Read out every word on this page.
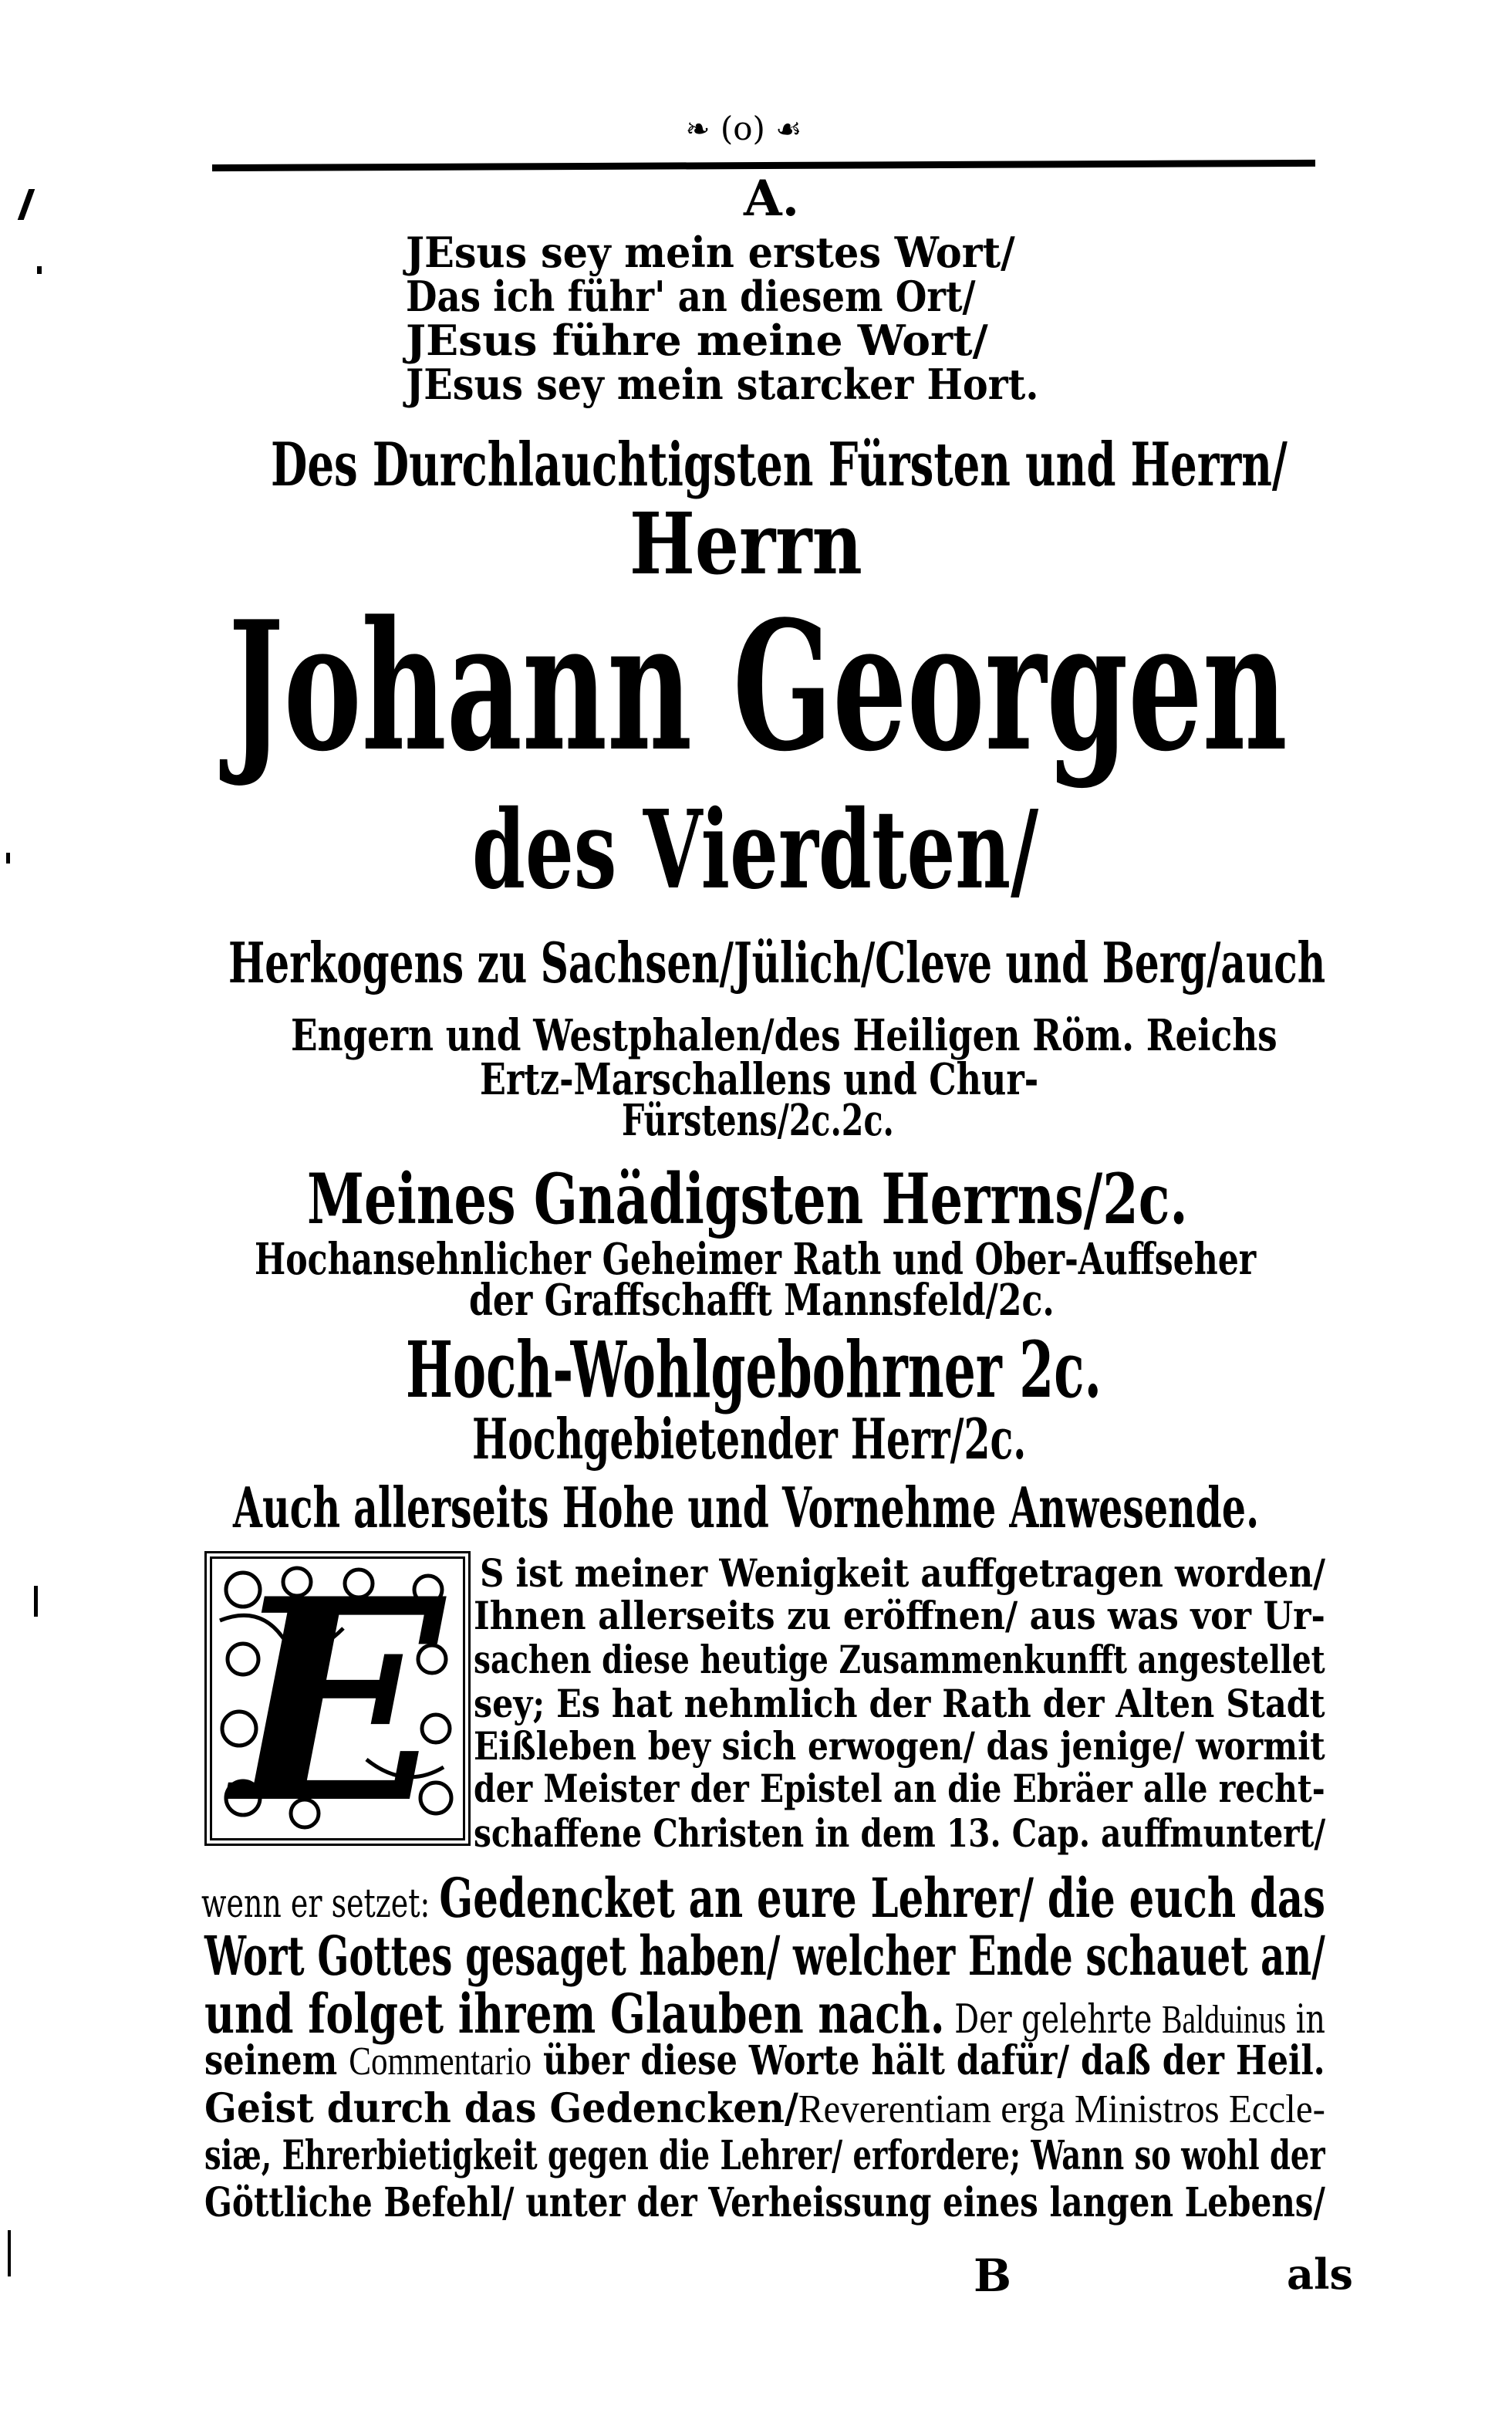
❧ (o) ☙
A.
JEsus sey mein erstes Wort/
Das ich führ' an diesem Ort/
JEsus führe meine Wort/
JEsus sey mein starcker Hort.
Des Durchlauchtigsten Fürsten und Herrn/
Herrn
Johann Georgen
des Vierdten/
Herkogens zu Sachsen/Jülich/Cleve und Berg/auch
Engern und Westphalen/des Heiligen Röm. Reichs
Ertz-Marschallens und Chur-
Fürstens/2c.2c.
Meines Gnädigsten Herrns/2c.
Hochansehnlicher Geheimer Rath und Ober-Auffseher
der Graffschafft Mannsfeld/2c.
Hoch-Wohlgebohrner 2c.
Hochgebietender Herr/2c.
Auch allerseits Hohe und Vornehme Anwesende.
E S ist meiner Wenigkeit auffgetragen worden/
Ihnen allerseits zu eröffnen/ aus was vor Ur-
sachen diese heutige Zusammenkunfft angestellet
sey; Es hat nehmlich der Rath der Alten Stadt
Eißleben bey sich erwogen/ das jenige/ wormit
der Meister der Epistel an die Ebräer alle recht-
schaffene Christen in dem 13. Cap. auffmuntert/
wenn er setzet: Gedencket an eure Lehrer/ die euch das
Wort Gottes gesaget haben/ welcher Ende schauet an/
und folget ihrem Glauben nach. Der gelehrte Balduinus in
seinem Commentario über diese Worte hält dafür/ daß der Heil.
Geist durch das Gedencken/Reverentiam erga Ministros Eccle-
siæ, Ehrerbietigkeit gegen die Lehrer/ erfordere; Wann so wohl der
Göttliche Befehl/ unter der Verheissung eines langen Lebens/
B	als
